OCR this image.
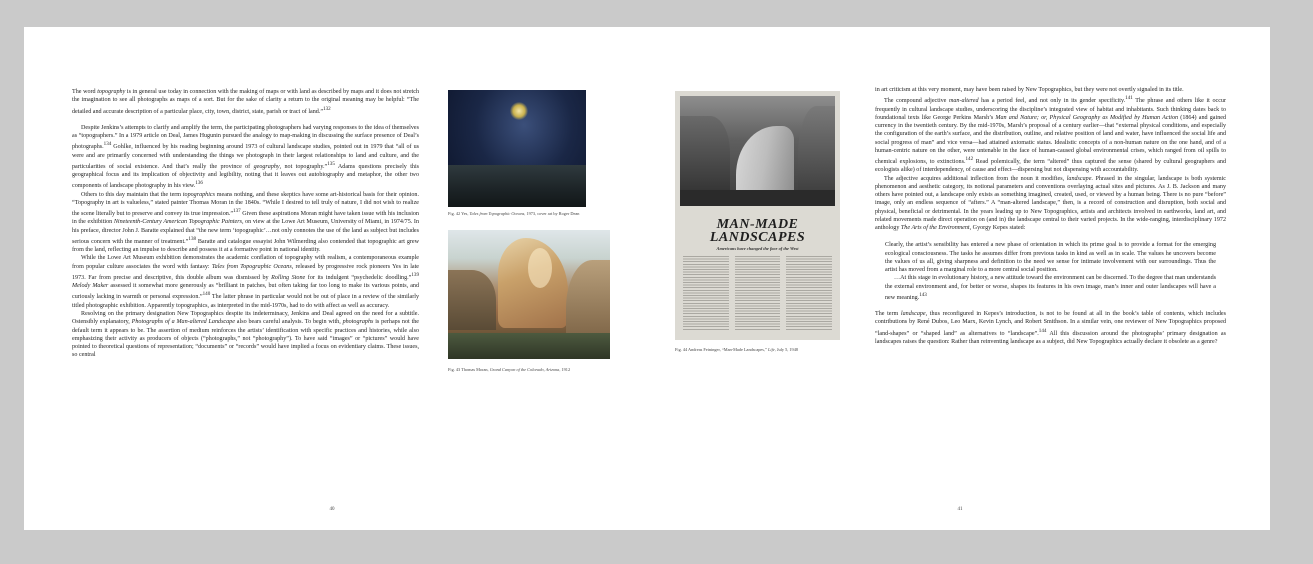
The word topography is in general use today in connection with the making of maps or with land as described by maps and it does not stretch the imagination to see all photographs as maps of a sort. But for the sake of clarity a return to the original meaning may be helpful: “The detailed and accurate description of a particular place, city, town, district, state, parish or tract of land.”$^{132}$

Despite Jenkins’s attempts to clarify and amplify the term, the participating photographers had varying responses to the idea of themselves as “topographers.” In a 1979 article on Deal, James Hugunin pursued the analogy to map-making in discussing the surface presence of Deal’s photographs.$^{134}$ Gohlke, influenced by his reading beginning around 1973 of cultural landscape studies, pointed out in 1979 that “all of us were and are primarily concerned with understanding the things we photograph in their largest relationships to land and culture, and the particularities of social existence. And that’s really the province of geography, not topography.”$^{135}$ Adams questions precisely this geographical focus and its implication of objectivity and legibility, noting that it leaves out autobiography and metaphor, the other two components of landscape photography in his view.$^{136}$

Others to this day maintain that the term topographics means nothing, and these skeptics have some art-historical basis for their opinion. “Topography in art is valueless,” stated painter Thomas Moran in the 1840s. “While I desired to tell truly of nature, I did not wish to realize the scene literally but to preserve and convey its true impression.”$^{137}$ Given these aspirations Moran might have taken issue with his inclusion in the exhibition Nineteenth-Century American Topographic Painters, on view at the Lowe Art Museum, University of Miami, in 1974/75. In his preface, director John J. Baratte explained that “the new term ‘topographic’…not only connotes the use of the land as subject but includes serious concern with the manner of treatment.”$^{138}$ Baratte and catalogue essayist John Wilmerding also contended that topographic art grew from the land, reflecting an impulse to describe and possess it at a formative point in national identity.

While the Lowe Art Museum exhibition demonstrates the academic conflation of topography with realism, a contemporaneous example from popular culture associates the word with fantasy: Tales from Topographic Oceans, released by progressive rock pioneers Yes in late 1973. Far from precise and descriptive, this double album was dismissed by Rolling Stone for its indulgent “psychedelic doodling.”$^{139}$ Melody Maker assessed it somewhat more generously as “brilliant in patches, but often taking far too long to make its various points, and curiously lacking in warmth or personal expression.”$^{140}$ The latter phrase in particular would not be out of place in a review of the similarly titled photographic exhibition. Apparently topographics, as interpreted in the mid-1970s, had to do with affect as well as accuracy.

Resolving on the primary designation New Topographics despite its indeterminacy, Jenkins and Deal agreed on the need for a subtitle. Ostensibly explanatory, Photographs of a Man-altered Landscape also bears careful analysis. To begin with, photographs is perhaps not the default term it appears to be. The assertion of medium reinforces the artists’ identification with specific practices and histories, while also emphasizing their activity as producers of objects (“photographs,” not “photography”). To have said “images” or “pictures” would have pointed to theoretical questions of representation; “documents” or “records” would have implied a focus on evidentiary claims. These issues, so central

40
Fig. 42 Yes, Tales from Topographic Oceans, 1973, cover art by Roger Dean
Fig. 43 Thomas Moran, Grand Canyon of the Colorado, Arizona, 1912
MAN-MADE
LANDSCAPES
Americans have changed the face of the West
Fig. 44 Andreas Feininger, “Man-Made Landscapes,” Life, July 5, 1948

in art criticism at this very moment, may have been raised by New Topographics, but they were not overtly signaled in its title.

The compound adjective man-altered has a period feel, and not only in its gender specificity.$^{141}$ The phrase and others like it occur frequently in cultural landscape studies, underscoring the discipline’s integrated view of habitat and inhabitants. Such thinking dates back to foundational texts like George Perkins Marsh’s Man and Nature; or, Physical Geography as Modified by Human Action (1864) and gained currency in the twentieth century. By the mid-1970s, Marsh’s proposal of a century earlier—that “external physical conditions, and especially the configuration of the earth’s surface, and the distribution, outline, and relative position of land and water, have influenced the social life and social progress of man” and vice versa—had attained axiomatic status. Idealistic concepts of a non-human nature on the one hand, and of a human-centric nature on the other, were untenable in the face of human-caused global environmental crises, which ranged from oil spills to chemical explosions, to extinctions.$^{142}$ Read polemically, the term “altered” thus captured the sense (shared by cultural geographers and ecologists alike) of interdependency, of cause and effect—dispersing but not dispensing with accountability.

The adjective acquires additional inflection from the noun it modifies, landscape. Phrased in the singular, landscape is both systemic phenomenon and aesthetic category, its notional parameters and conventions overlaying actual sites and pictures. As J. B. Jackson and many others have pointed out, a landscape only exists as something imagined, created, used, or viewed by a human being. There is no pure “before” image, only an endless sequence of “afters.” A “man-altered landscape,” then, is a record of construction and disruption, both social and physical, beneficial or detrimental. In the years leading up to New Topographics, artists and architects involved in earthworks, land art, and related movements made direct operation on (and in) the landscape central to their varied projects. In the wide-ranging, interdisciplinary 1972 anthology The Arts of the Environment, Gyorgy Kepes stated:

Clearly, the artist’s sensibility has entered a new phase of orientation in which its prime goal is to provide a format for the emerging ecological consciousness. The tasks he assumes differ from previous tasks in kind as well as in scale. The values he uncovers become the values of us all, giving sharpness and definition to the need we sense for intimate involvement with our surroundings. Thus the artist has moved from a marginal role to a more central social position.

…At this stage in evolutionary history, a new attitude toward the environment can be discerned. To the degree that man understands the external environment and, for better or worse, shapes its features in his own image, man’s inner and outer landscapes will have a new meaning.$^{143}$

The term landscape, thus reconfigured in Kepes’s introduction, is not to be found at all in the book’s table of contents, which includes contributions by René Dubos, Leo Marx, Kevin Lynch, and Robert Smithson. In a similar vein, one reviewer of New Topographics proposed “land-shapes” or “shaped land” as alternatives to “landscape”.$^{144}$ All this discussion around the photographs’ primary designation as landscapes raises the question: Rather than reinventing landscape as a subject, did New Topographics actually declare it obsolete as a genre?

41
